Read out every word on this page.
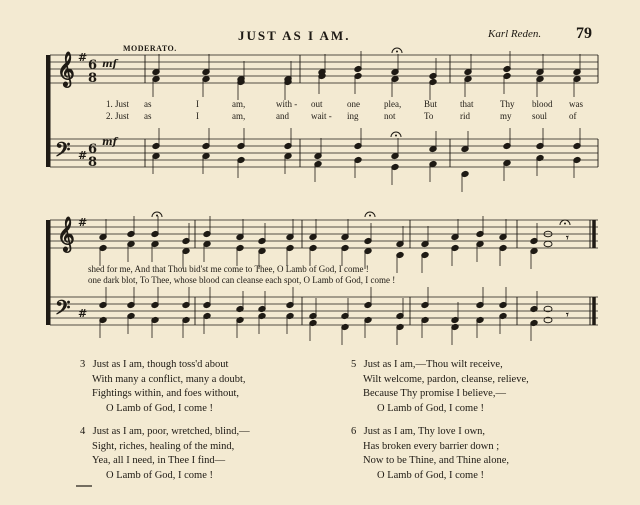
JUST AS I AM.	Karl Reden. 79
MODERATO.
𝄞
𝄢
#
#
6
8
6
8
mf
mf
𝄞
𝄢
#
#
𝄾
𝄾
1. Just as	I	am,	with - out	one	plea,	But	that	Thy blood was
2. Just as	I	am,	and wait - ing	not	To	rid	my soul of
shed for me, And that Thou bid'st me come to Thee, O Lamb of God, I come !
one dark blot, To Thee, whose blood can cleanse each spot, O Lamb of God, I come !
3 Just as I am, though toss'd about
With many a conflict, many a doubt,
Fightings within, and foes without,
O Lamb of God, I come !
4 Just as I am, poor, wretched, blind,—
Sight, riches, healing of the mind,
Yea, all I need, in Thee I find—
O Lamb of God, I come !
5 Just as I am,—Thou wilt receive,
Wilt welcome, pardon, cleanse, relieve,
Because Thy promise I believe,—
O Lamb of God, I come !
6 Just as I am, Thy love I own,
Has broken every barrier down ;
Now to be Thine, and Thine alone,
O Lamb of God, I come !
